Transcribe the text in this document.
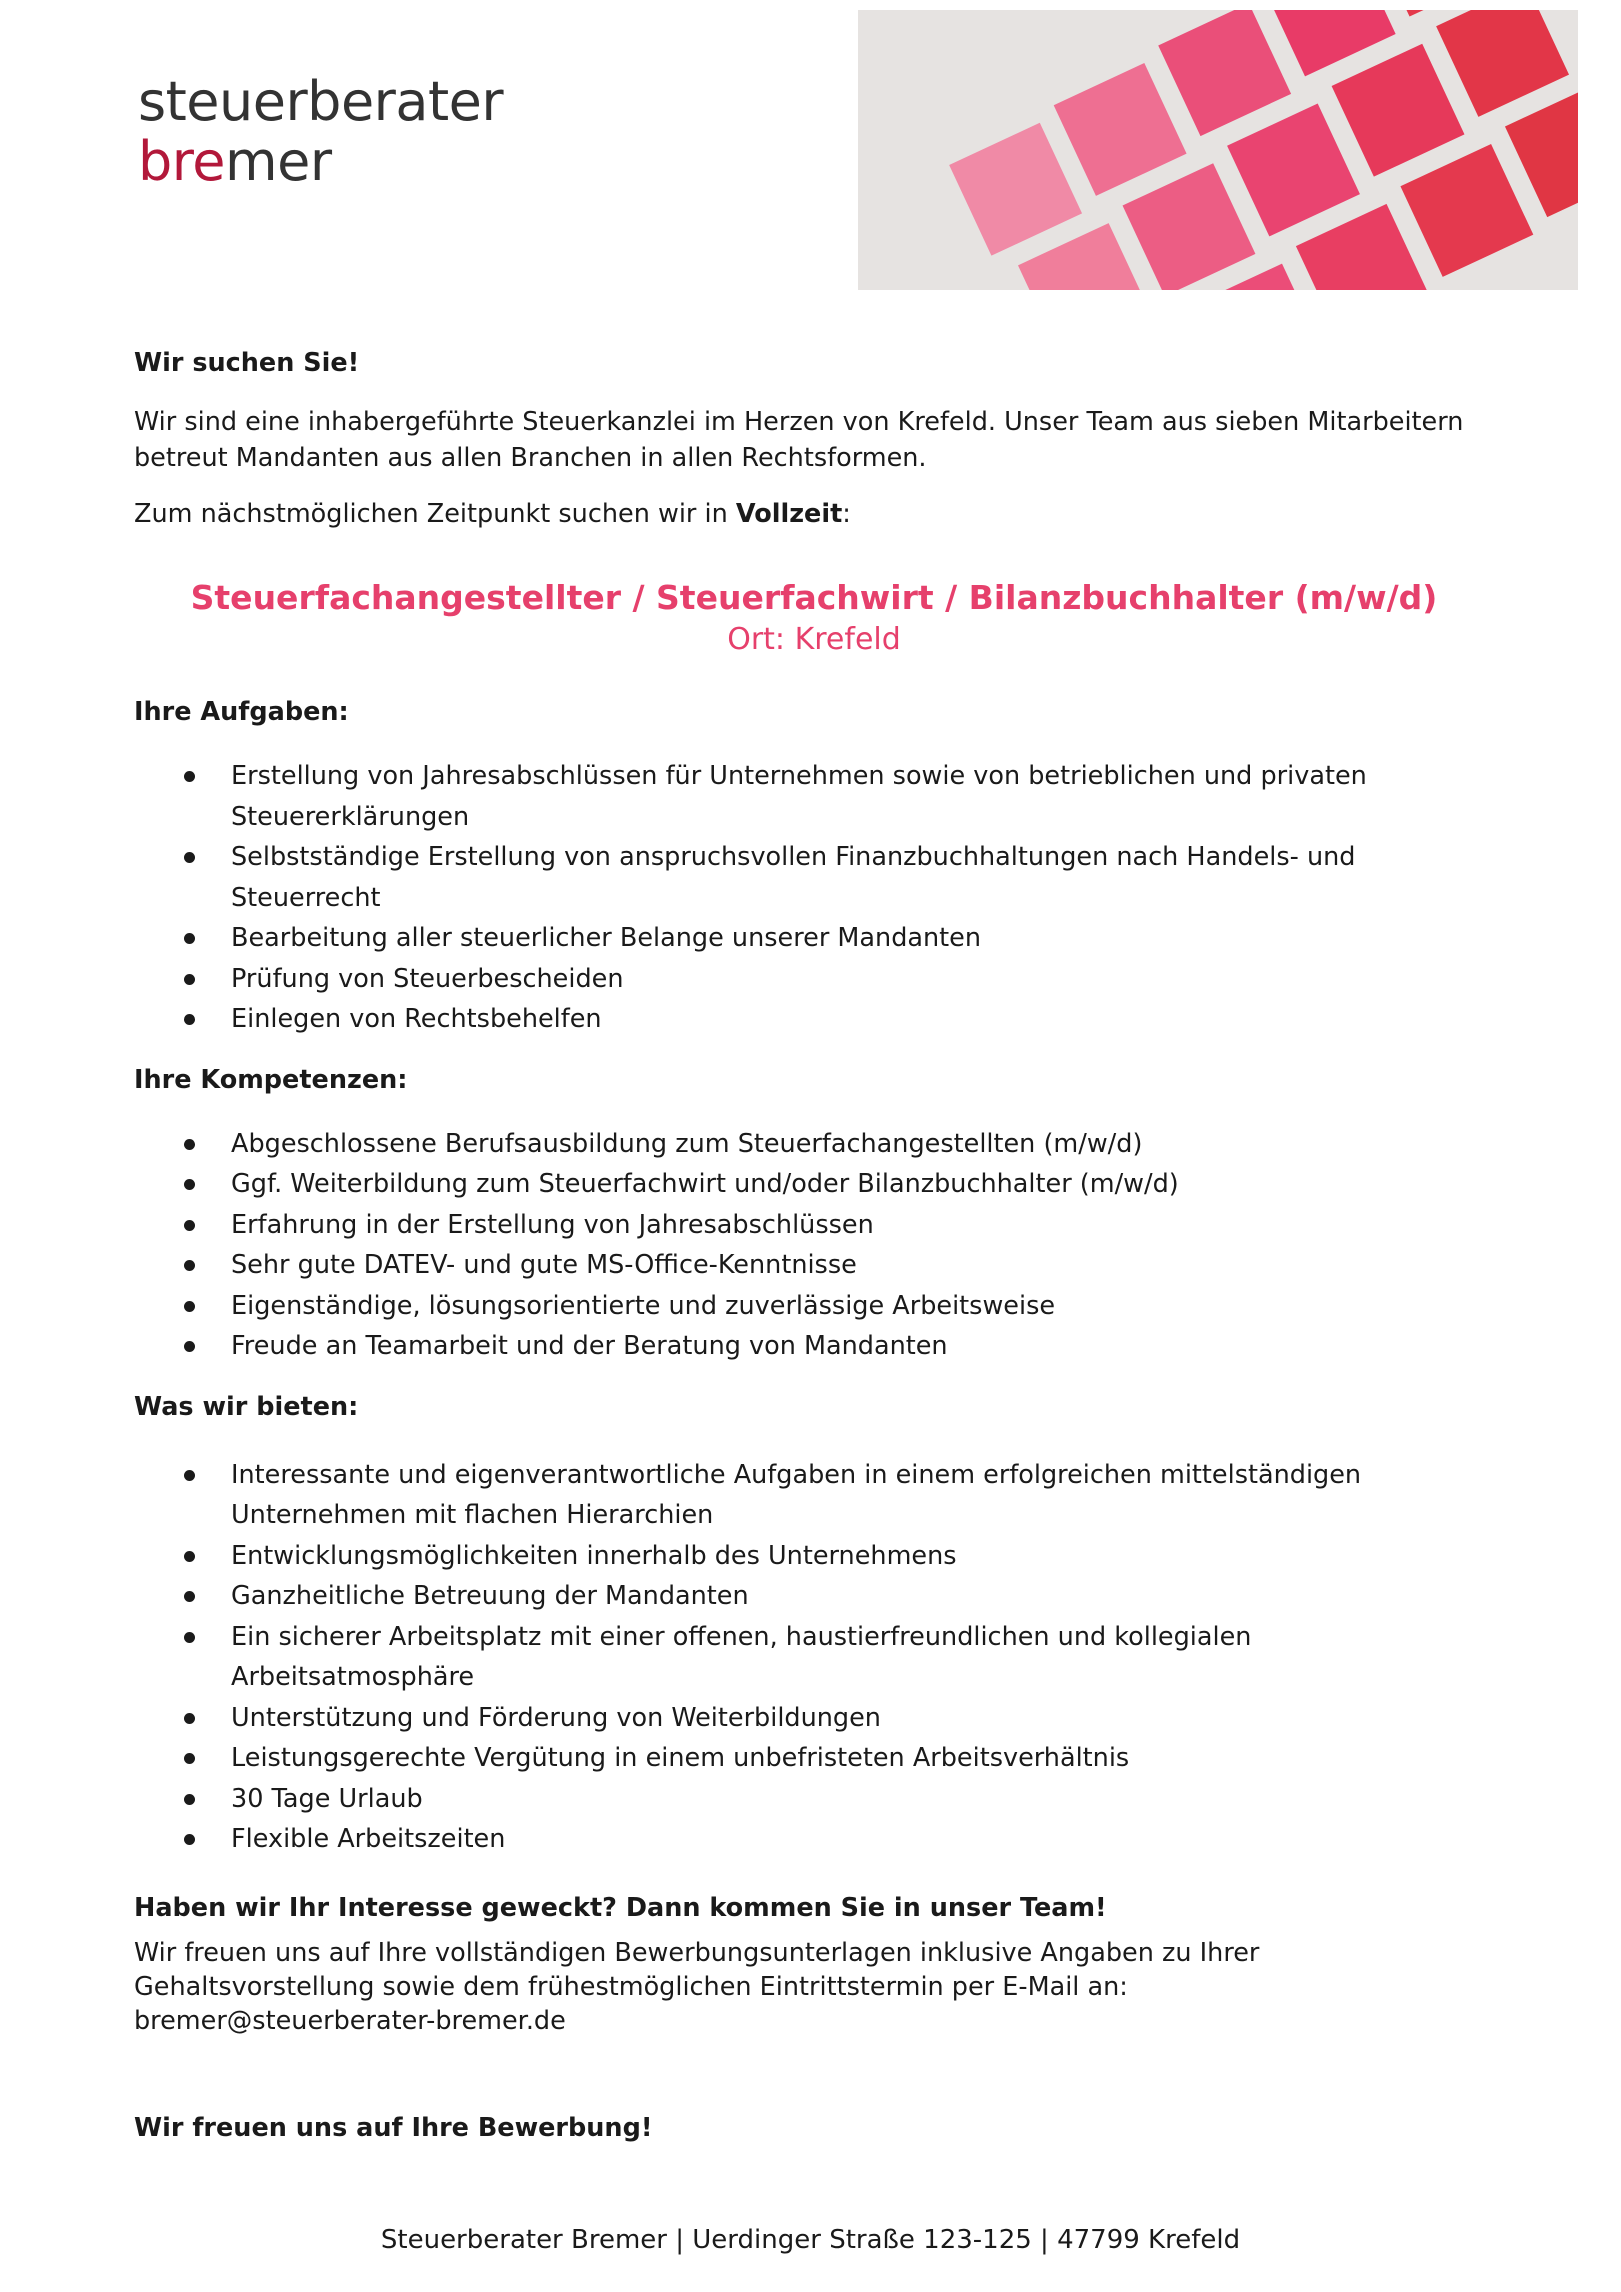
steuerberater
bremer

Wir suchen Sie!

Wir sind eine inhabergeführte Steuerkanzlei im Herzen von Krefeld. Unser Team aus sieben Mitarbeitern betreut Mandanten aus allen Branchen in allen Rechtsformen.

Zum nächstmöglichen Zeitpunkt suchen wir in Vollzeit:

Steuerfachangestellter / Steuerfachwirt / Bilanzbuchhalter (m/w/d)

Ort: Krefeld

Ihre Aufgaben:

Erstellung von Jahresabschlüssen für Unternehmen sowie von betrieblichen und privaten Steuererklärungen
Selbstständige Erstellung von anspruchsvollen Finanzbuchhaltungen nach Handels- und Steuerrecht
Bearbeitung aller steuerlicher Belange unserer Mandanten
Prüfung von Steuerbescheiden
Einlegen von Rechtsbehelfen

Ihre Kompetenzen:

Abgeschlossene Berufsausbildung zum Steuerfachangestellten (m/w/d)
Ggf. Weiterbildung zum Steuerfachwirt und/oder Bilanzbuchhalter (m/w/d)
Erfahrung in der Erstellung von Jahresabschlüssen
Sehr gute DATEV- und gute MS-Office-Kenntnisse
Eigenständige, lösungsorientierte und zuverlässige Arbeitsweise
Freude an Teamarbeit und der Beratung von Mandanten

Was wir bieten:

Interessante und eigenverantwortliche Aufgaben in einem erfolgreichen mittelständigen Unternehmen mit flachen Hierarchien
Entwicklungsmöglichkeiten innerhalb des Unternehmens
Ganzheitliche Betreuung der Mandanten
Ein sicherer Arbeitsplatz mit einer offenen, haustierfreundlichen und kollegialen Arbeitsatmosphäre
Unterstützung und Förderung von Weiterbildungen
Leistungsgerechte Vergütung in einem unbefristeten Arbeitsverhältnis
30 Tage Urlaub
Flexible Arbeitszeiten

Haben wir Ihr Interesse geweckt? Dann kommen Sie in unser Team!

Wir freuen uns auf Ihre vollständigen Bewerbungsunterlagen inklusive Angaben zu Ihrer Gehaltsvorstellung sowie dem frühestmöglichen Eintrittstermin per E-Mail an:

bremer@steuerberater-bremer.de

Wir freuen uns auf Ihre Bewerbung!

Steuerberater Bremer | Uerdinger Straße 123-125 | 47799 Krefeld
